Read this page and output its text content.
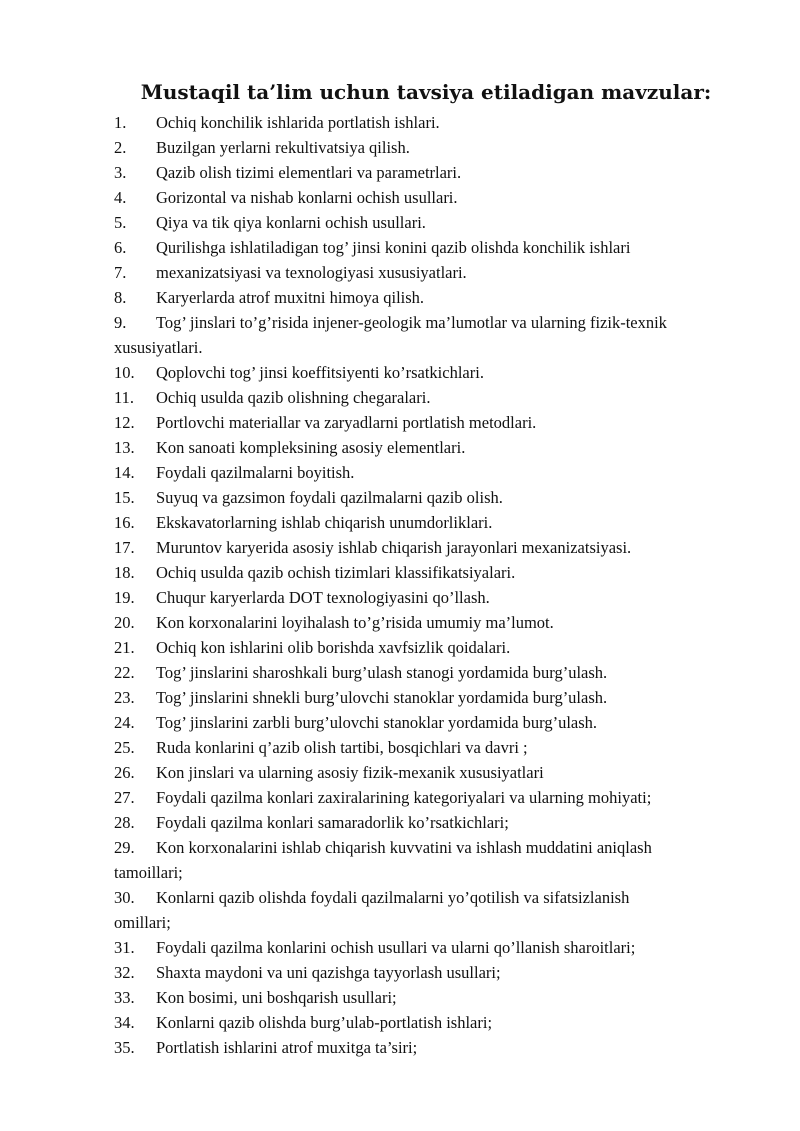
Mustaqil ta’lim uchun tavsiya etiladigan mavzular:
1. Ochiq konchilik ishlarida portlatish ishlari.
2. Buzilgan yerlarni rekultivatsiya qilish.
3. Qazib olish tizimi elementlari va parametrlari.
4. Gorizontal va nishab konlarni ochish usullari.
5. Qiya va tik qiya konlarni ochish usullari.
6. Qurilishga ishlatiladigan tog’ jinsi konini qazib olishda konchilik ishlari
7. mexanizatsiyasi va texnologiyasi xususiyatlari.
8. Karyerlarda atrof muxitni himoya qilish.
9. Tog’ jinslari to’g’risida injener-geologik ma’lumotlar va ularning fizik-texnik
xususiyatlari.
10. Qoplovchi tog’ jinsi koeffitsiyenti ko’rsatkichlari.
11. Ochiq usulda qazib olishning chegaralari.
12. Portlovchi materiallar va zaryadlarni portlatish metodlari.
13. Kon sanoati kompleksining asosiy elementlari.
14. Foydali qazilmalarni boyitish.
15. Suyuq va gazsimon foydali qazilmalarni qazib olish.
16. Ekskavatorlarning ishlab chiqarish unumdorliklari.
17. Muruntov karyerida asosiy ishlab chiqarish jarayonlari mexanizatsiyasi.
18. Ochiq usulda qazib ochish tizimlari klassifikatsiyalari.
19. Chuqur karyerlarda DOT texnologiyasini qo’llash.
20. Kon korxonalarini loyihalash to’g’risida umumiy ma’lumot.
21. Ochiq kon ishlarini olib borishda xavfsizlik qoidalari.
22. Tog’ jinslarini sharoshkali burg’ulash stanogi yordamida burg’ulash.
23. Tog’ jinslarini shnekli burg’ulovchi stanoklar yordamida burg’ulash.
24. Tog’ jinslarini zarbli burg’ulovchi stanoklar yordamida burg’ulash.
25. Ruda konlarini q’azib olish tartibi, bosqichlari va davri ;
26. Kon jinslari va ularning asosiy fizik-mexanik xususiyatlari
27. Foydali qazilma konlari zaxiralarining kategoriyalari va ularning mohiyati;
28. Foydali qazilma konlari samaradorlik ko’rsatkichlari;
29. Kon korxonalarini ishlab chiqarish kuvvatini va ishlash muddatini aniqlash
tamoillari;
30. Konlarni qazib olishda foydali qazilmalarni yo’qotilish va sifatsizlanish
omillari;
31. Foydali qazilma konlarini ochish usullari va ularni qo’llanish sharoitlari;
32. Shaxta maydoni va uni qazishga tayyorlash usullari;
33. Kon bosimi, uni boshqarish usullari;
34. Konlarni qazib olishda burg’ulab-portlatish ishlari;
35. Portlatish ishlarini atrof muxitga ta’siri;
